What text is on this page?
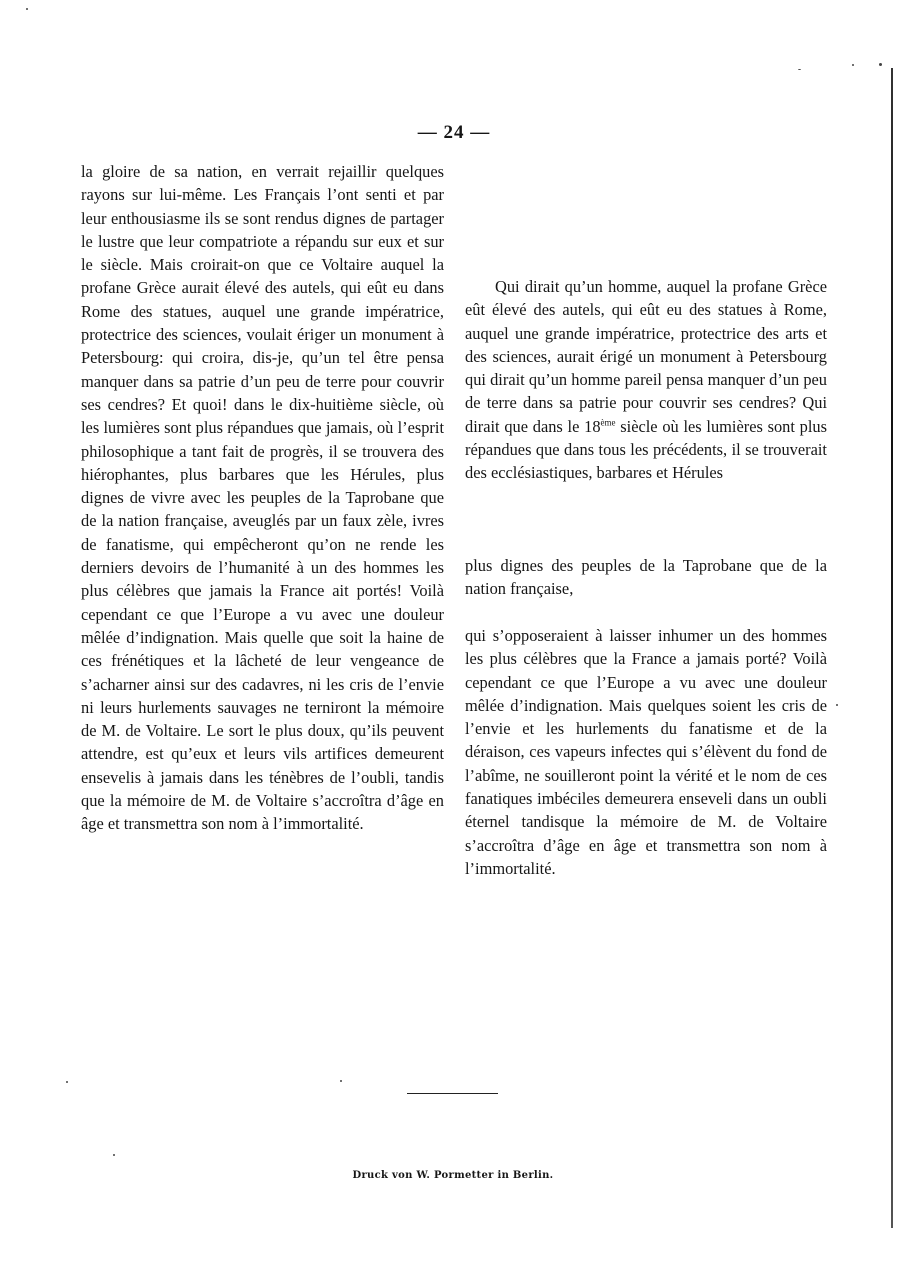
— 24 —
la gloire de sa nation, en verrait rejaillir quelques rayons sur lui-même. Les Français l’ont senti et par leur enthousiasme ils se sont rendus dignes de partager le lustre que leur compatriote a répandu sur eux et sur le siècle. Mais croirait-on que ce Voltaire auquel la profane Grèce aurait élevé des autels, qui eût eu dans Rome des statues, auquel une grande impératrice, protectrice des sciences, voulait ériger un monument à Petersbourg: qui croira, dis-je, qu’un tel être pensa manquer dans sa patrie d’un peu de terre pour couvrir ses cendres? Et quoi! dans le dix-huitième siècle, où les lumières sont plus répandues que jamais, où l’esprit philosophique a tant fait de progrès, il se trouvera des hiérophantes, plus barbares que les Hérules, plus dignes de vivre avec les peuples de la Taprobane que de la nation française, aveuglés par un faux zèle, ivres de fanatisme, qui empêcheront qu’on ne rende les derniers devoirs de l’humanité à un des hommes les plus célèbres que jamais la France ait portés! Voilà cependant ce que l’Europe a vu avec une douleur mêlée d’indignation. Mais quelle que soit la haine de ces frénétiques et la lâcheté de leur vengeance de s’acharner ainsi sur des cadavres, ni les cris de l’envie ni leurs hurlements sauvages ne terniront la mémoire de M. de Voltaire. Le sort le plus doux, qu’ils peuvent attendre, est qu’eux et leurs vils artifices demeurent ensevelis à jamais dans les ténèbres de l’oubli, tandis que la mémoire de M. de Voltaire s’accroîtra d’âge en âge et transmettra son nom à l’immortalité.
Qui dirait qu’un homme, auquel la profane Grèce eût élevé des autels, qui eût eu des statues à Rome, auquel une grande impératrice, protectrice des arts et des sciences, aurait érigé un monument à Petersbourg qui dirait qu’un homme pareil pensa manquer d’un peu de terre dans sa patrie pour couvrir ses cendres? Qui dirait que dans le 18ème siècle où les lumières sont plus répandues que dans tous les précédents, il se trouverait des ecclésiastiques, barbares et Hérules
plus dignes des peuples de la Taprobane que de la nation française,
qui s’opposeraient à laisser inhumer un des hommes les plus célèbres que la France a jamais porté? Voilà cependant ce que l’Europe a vu avec une douleur mêlée d’indignation. Mais quelques soient les cris de l’envie et les hurlements du fanatisme et de la déraison, ces vapeurs infectes qui s’élèvent du fond de l’abîme, ne souilleront point la vérité et le nom de ces fanatiques imbéciles demeurera enseveli dans un oubli éternel tandisque la mémoire de M. de Voltaire s’accroîtra d’âge en âge et transmettra son nom à l’immortalité.
Druck von W. Pormetter in Berlin.
